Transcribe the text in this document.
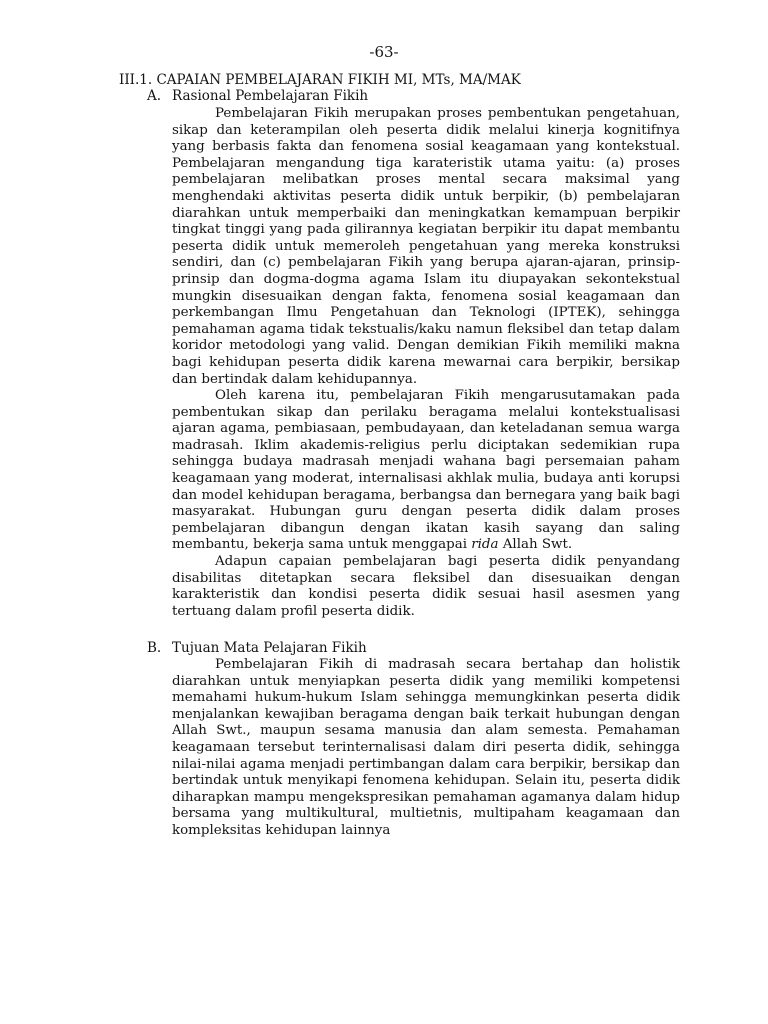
-63-
III.1. CAPAIAN PEMBELAJARAN FIKIH MI, MTs, MA/MAK
A. Rasional Pembelajaran Fikih

Pembelajaran Fikih merupakan proses pembentukan pengetahuan, sikap dan keterampilan oleh peserta didik melalui kinerja kognitifnya yang berbasis fakta dan fenomena sosial keagamaan yang kontekstual. Pembelajaran mengandung tiga karateristik utama yaitu: (a) proses pembelajaran melibatkan proses mental secara maksimal yang menghendaki aktivitas peserta didik untuk berpikir, (b) pembelajaran diarahkan untuk memperbaiki dan meningkatkan kemampuan berpikir tingkat tinggi yang pada gilirannya kegiatan berpikir itu dapat membantu peserta didik untuk memeroleh pengetahuan yang mereka konstruksi sendiri, dan (c) pembelajaran Fikih yang berupa ajaran-ajaran, prinsip-prinsip dan dogma-dogma agama Islam itu diupayakan sekontekstual mungkin disesuaikan dengan fakta, fenomena sosial keagamaan dan perkembangan Ilmu Pengetahuan dan Teknologi (IPTEK), sehingga pemahaman agama tidak tekstualis/kaku namun fleksibel dan tetap dalam koridor metodologi yang valid. Dengan demikian Fikih memiliki makna bagi kehidupan peserta didik karena mewarnai cara berpikir, bersikap dan bertindak dalam kehidupannya.

Oleh karena itu, pembelajaran Fikih mengarusutamakan pada pembentukan sikap dan perilaku beragama melalui kontekstualisasi ajaran agama, pembiasaan, pembudayaan, dan keteladanan semua warga madrasah. Iklim akademis-religius perlu diciptakan sedemikian rupa sehingga budaya madrasah menjadi wahana bagi persemaian paham keagamaan yang moderat, internalisasi akhlak mulia, budaya anti korupsi dan model kehidupan beragama, berbangsa dan bernegara yang baik bagi masyarakat. Hubungan guru dengan peserta didik dalam proses pembelajaran dibangun dengan ikatan kasih sayang dan saling membantu, bekerja sama untuk menggapai rida Allah Swt.

Adapun capaian pembelajaran bagi peserta didik penyandang disabilitas ditetapkan secara fleksibel dan disesuaikan dengan karakteristik dan kondisi peserta didik sesuai hasil asesmen yang tertuang dalam profil peserta didik.

B. Tujuan Mata Pelajaran Fikih

Pembelajaran Fikih di madrasah secara bertahap dan holistik diarahkan untuk menyiapkan peserta didik yang memiliki kompetensi memahami hukum-hukum Islam sehingga memungkinkan peserta didik menjalankan kewajiban beragama dengan baik terkait hubungan dengan Allah Swt., maupun sesama manusia dan alam semesta. Pemahaman keagamaan tersebut terinternalisasi dalam diri peserta didik, sehingga nilai-nilai agama menjadi pertimbangan dalam cara berpikir, bersikap dan bertindak untuk menyikapi fenomena kehidupan. Selain itu, peserta didik diharapkan mampu mengekspresikan pemahaman agamanya dalam hidup bersama yang multikultural, multietnis, multipaham keagamaan dan kompleksitas kehidupan lainnya
